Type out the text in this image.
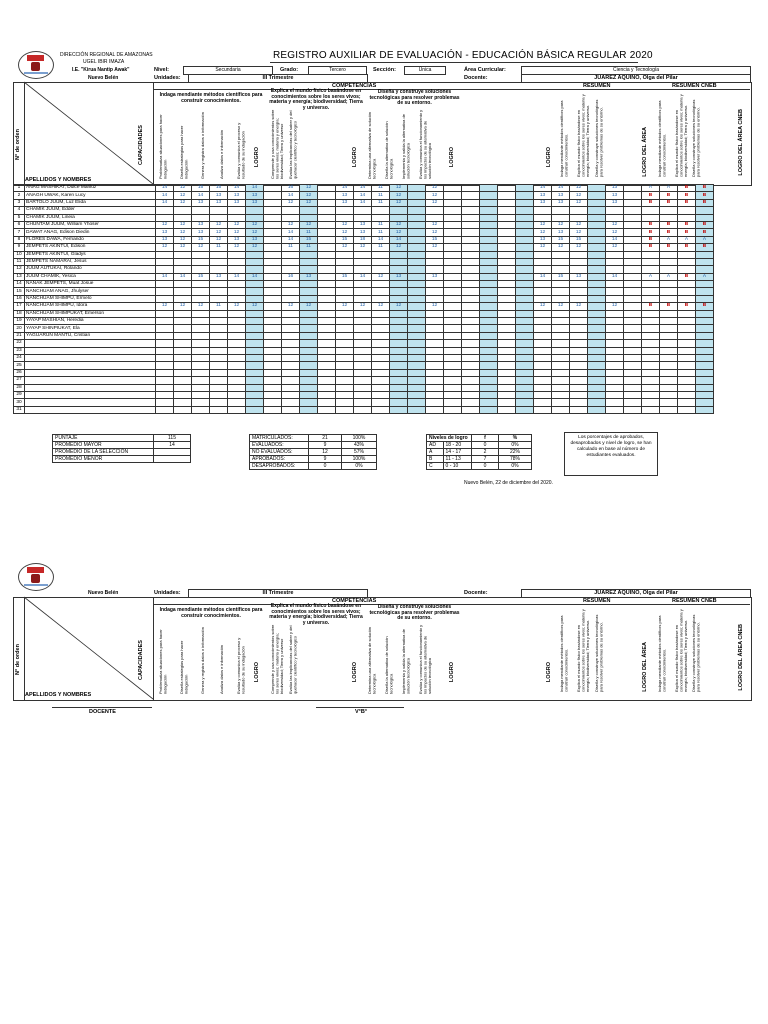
DIRECCIÓN REGIONAL DE AMAZONAS
UGEL IBIR IMAZA
I.E. "Kirua Nantip Awak"
Nuevo Belén
REGISTRO AUXILIAR DE EVALUACIÓN - EDUCACIÓN BÁSICA REGULAR 2020
Nivel:	Secundaria	Grado:	Tercero	Sección:	Única	Área Curricular:	Ciencia y Tecnología
Unidades:	III Trimestre	Docente:	JUAREZ AQUINO, Olga del Pilar
N° de orden	CAPACIDADES
APELLIDOS Y NOMBRES
COMPETENCIAS	RESUMEN	RESUMEN CNEB
Indaga mendiante métodos científicos para construir conocimientos.
Explica el mundo físico basándose en conocimientos sobre los seres vivos; materia y energía; biodiversidad; Tierra y universo.
Diseña y construye soluciones tecnológicas para resolver problemas de su entorno.
Problematiza situaciones para hacer indagación	Diseña estrategias para hacer indagación	Genera y registra datos o información	Analiza datos e información	Evalúa y comunica el proceso y resultado de su indagación LOGRO	Comprende y usa conocimientos sobre los seres vivos; materia y energía; biodiversidad; Tierra y universo Evalúa las implicancias del saber y del quehacer científico y tecnológico	LOGRO Determina una alternativa de solución tecnológica Diseña la alternativa de solución tecnológica Implementa y valida la alternativa de solución tecnológica Evalúa y comunica el funcionamiento y los impactos de su alternativa de solución tecnológica	LOGRO	LOGRO Indaga mendiante métodos científicos para construir conocimientos. Explica el mundo físico basándose en conocimientos sobre los seres vivos; materia y energía; biodiversidad; Tierra y universo. Diseña y construye soluciones tecnológicas para resolver problemas de su entorno.	LOGRO DEL ÁREA Indaga mendiante métodos científicos para construir conocimientos. Explica el mundo físico basándose en conocimientos sobre los seres vivos; materia y energía; biodiversidad; Tierra y universo. Diseña y construye soluciones tecnológicas para resolver problemas de su entorno.	LOGRO DEL ÁREA CNEB
1	ANAG MASHIKAT, Dulce Mariluz	14	12	15	15	14	14		16	12		14	14	11	12		12						14	14	12		13		A	A	B	B
2	ANAGH UWAK, Karen Lucy	14	12	14	13	13	13		14	12		13	14	11	12		12						13	13	12		13		B	B	B	B
3	BARTOLO JUUM, Luz Elida	14	12	13	13	13	13		12	12		13	14	11	12		12						13	13	12		13		B	B	B	B
4	CHAMIK JUUM, Edder																															
5	CHAMIK JUUM, Lineia																															
6	CHUNTAM JUUM, William Yhoser	12	12	13	12	12	12		12	12		12	13	11	12		12						12	12	12		12		B	B	B	B
7	DAWAT ANAG, Edison Diedin	13	12	13	12	12	12		14	11		12	13	11	12		12						12	13	12		12		B	B	B	B
8	FLORES DAWA, Fernando	13	12	15	12	13	13		14	15		15	18	14	14		15						13	15	15		14		B	A	A	A
9	JEMPETS AKINTUI, Edison	12	12	12	11	12	12		11	11		12	12	11	12		12						12	12	12		12		B	B	B	B
10	JEMPETS AKINTUI, Gladys																															
11	JEMPETS NAMARAI, Jesus																															
12	JUUM AUTUKAI, Rolando																															
13	JUUM CHAMIK, Yesica	14	14	15	13	14	14		16	13		15	14	12	13		13						14	15	13		14		A	A	B	A
14	NANAK JEMPETS, Muat Josue																															
15	NANCHUAM ANAG, Jhulyser																															
16	NANCHUAM SHIMPU, Ermelo																															
17	NANCHUAM SHIMPU, Idora	12	12	12	11	12	12		12	12		12	12	12	12		12						12	12	12		12		B	B	B	B
18	NANCHUAM SHIMPUKAT, Emerson																															
19	YAYAP MASHIAN, Heredia																															
20	YAYAP SHINPIUKAT, Ela																															
21	YAGUARUN MANTU, Cristian																															
22																																
23																																
24																																
25																																
26																																
27																																
28																																
29																																
30																																
31																																
PUNTAJE	115
PROMEDIO MAYOR	14
PROMEDIO DE LA SELECCIÓN	
PROMEDIO MENOR	
MATRICULADOS:	21	100%
EVALUADOS:	9	43%
NO EVALUADOS:	12	57%
APROBADOS:	9	100%
DESAPROBADOS:	0	0%
Niveles de logro		f	%
AD	18 - 20	0	0%
A	14 - 17	2	22%
B	11 - 13	7	78%
C	0 - 10	0	0%
Los porcentajes de aprobados, desaprobados y nivel de logro, se han calculado en base al número de estudiantes evaluados.
Nuevo Belén, 22 de diciembre del 2020.
Nuevo Belén	Unidades:	III Trimestre	Docente:	JUAREZ AQUINO, Olga del Pilar
N° de orden	CAPACIDADES
APELLIDOS Y NOMBRES
COMPETENCIAS	RESUMEN	RESUMEN CNEB
Indaga mendiante métodos científicos para construir conocimientos.
Explica el mundo físico basándose en conocimientos sobre los seres vivos; materia y energía; biodiversidad; Tierra y universo.
Diseña y construye soluciones tecnológicas para resolver problemas de su entorno.
Problematiza situaciones para hacer indagación	Diseña estrategias para hacer indagación	Genera y registra datos o información	Analiza datos e información	Evalúa y comunica el proceso y resultado de su indagación LOGRO	Comprende y usa conocimientos sobre los seres vivos; materia y energía; biodiversidad; Tierra y universo Evalúa las implicancias del saber y del quehacer científico y tecnológico	LOGRO Determina una alternativa de solución tecnológica Diseña la alternativa de solución tecnológica Implementa y valida la alternativa de solución tecnológica Evalúa y comunica el funcionamiento y los impactos de su alternativa de solución tecnológica	LOGRO	LOGRO Indaga mendiante métodos científicos para construir conocimientos. Explica el mundo físico basándose en conocimientos sobre los seres vivos; materia y energía; biodiversidad; Tierra y universo. Diseña y construye soluciones tecnológicas para resolver problemas de su entorno.	LOGRO DEL ÁREA Indaga mendiante métodos científicos para construir conocimientos. Explica el mundo físico basándose en conocimientos sobre los seres vivos; materia y energía; biodiversidad; Tierra y universo. Diseña y construye soluciones tecnológicas para resolver problemas de su entorno.	LOGRO DEL ÁREA CNEB
DOCENTE	V°B°
